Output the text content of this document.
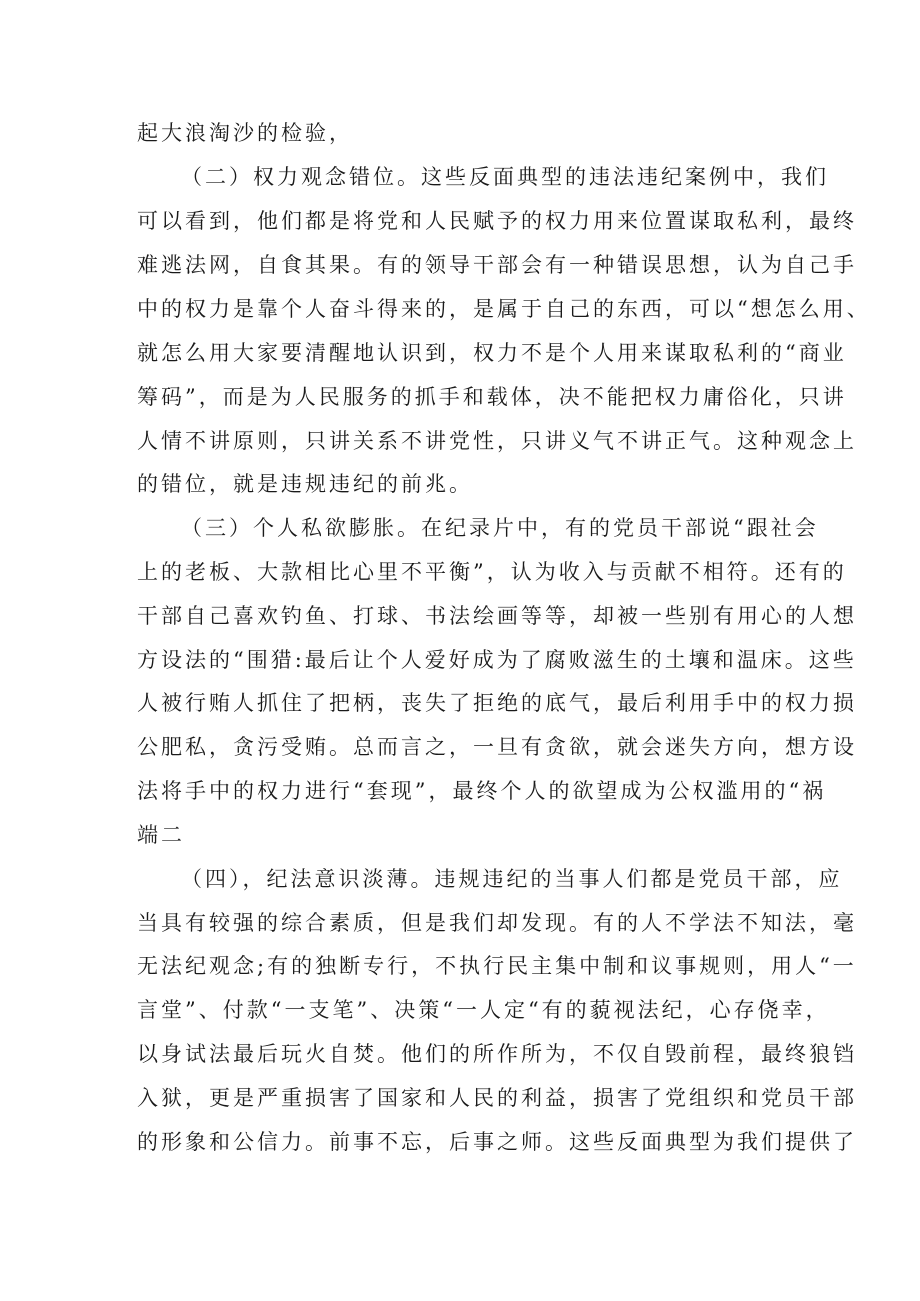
起大浪淘沙的检验，
（二）权力观念错位。这些反面典型的违法违纪案例中，我们
可以看到，他们都是将党和人民赋予的权力用来位置谋取私利，最终
难逃法网，自食其果。有的领导干部会有一种错误思想，认为自己手
中的权力是靠个人奋斗得来的，是属于自己的东西，可以“想怎么用、
就怎么用大家要清醒地认识到，权力不是个人用来谋取私利的“商业
筹码”，而是为人民服务的抓手和载体，决不能把权力庸俗化，只讲
人情不讲原则，只讲关系不讲党性，只讲义气不讲正气。这种观念上
的错位，就是违规违纪的前兆。
（三）个人私欲膨胀。在纪录片中，有的党员干部说“跟社会
上的老板、大款相比心里不平衡”，认为收入与贡献不相符。还有的
干部自己喜欢钓鱼、打球、书法绘画等等，却被一些别有用心的人想
方设法的“围猎:最后让个人爱好成为了腐败滋生的土壤和温床。这些
人被行贿人抓住了把柄，丧失了拒绝的底气，最后利用手中的权力损
公肥私，贪污受贿。总而言之，一旦有贪欲，就会迷失方向，想方设
法将手中的权力进行“套现”，最终个人的欲望成为公权滥用的“祸
端二
（四），纪法意识淡薄。违规违纪的当事人们都是党员干部，应
当具有较强的综合素质，但是我们却发现。有的人不学法不知法，毫
无法纪观念;有的独断专行，不执行民主集中制和议事规则，用人“一
言堂”、付款“一支笔”、决策“一人定“有的藐视法纪，心存侥幸，
以身试法最后玩火自焚。他们的所作所为，不仅自毁前程，最终狼铛
入狱，更是严重损害了国家和人民的利益，损害了党组织和党员干部
的形象和公信力。前事不忘，后事之师。这些反面典型为我们提供了
